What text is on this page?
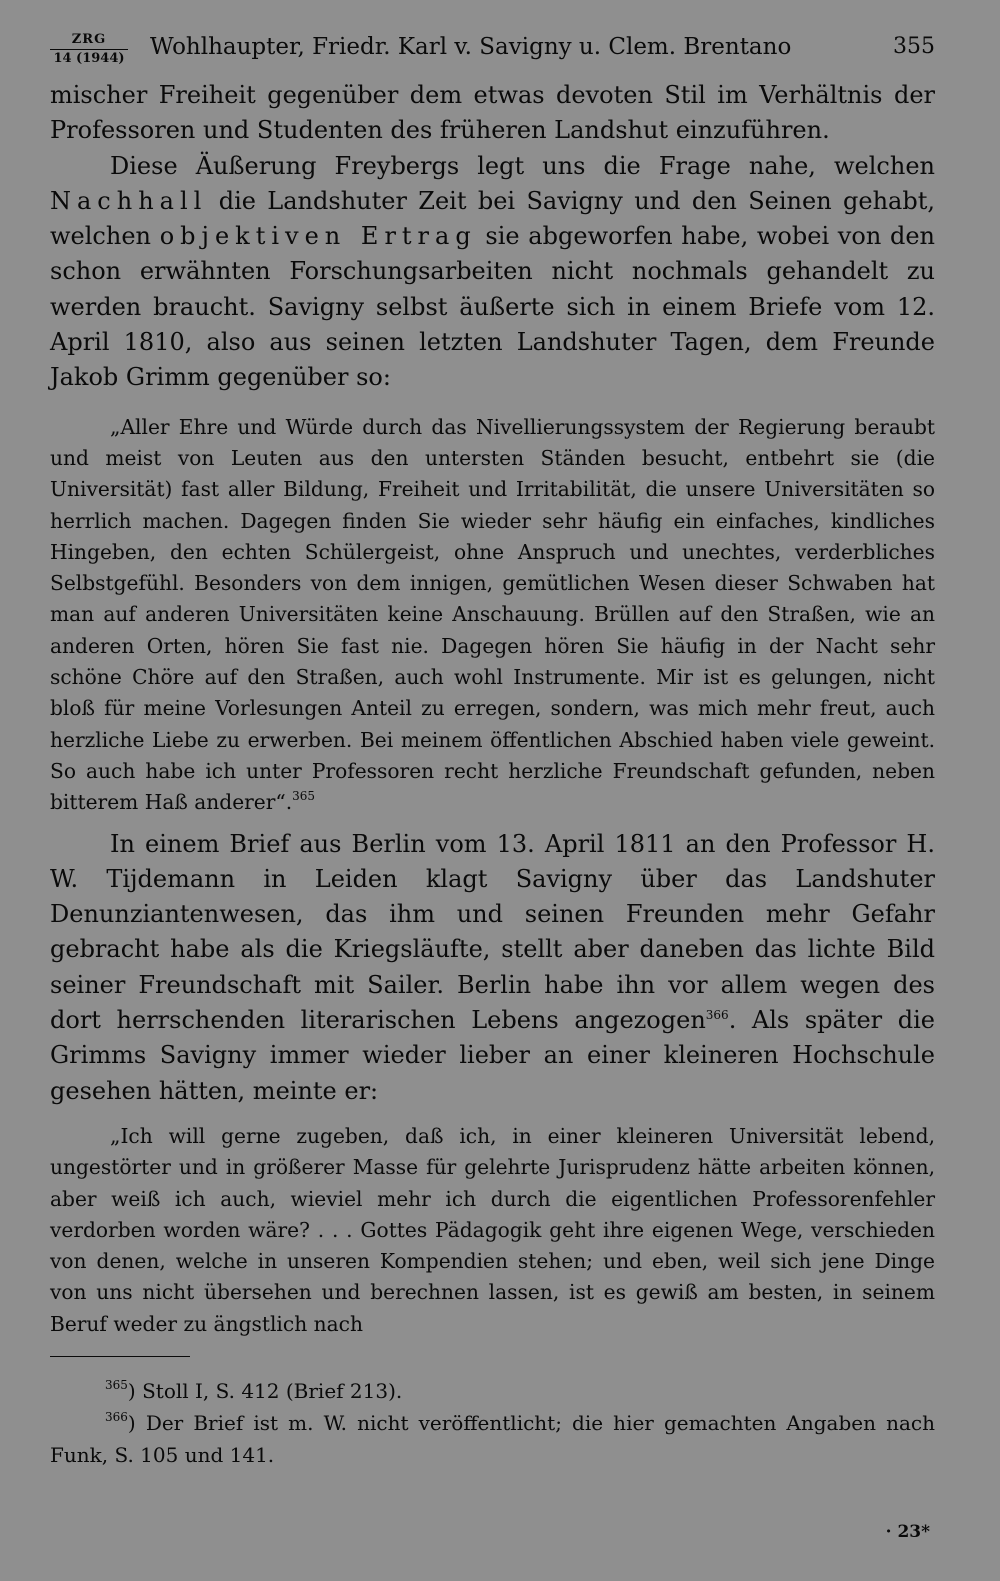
ZRG
14 (1944)	Wohlhaupter, Friedr. Karl v. Savigny u. Clem. Brentano	355

mischer Freiheit gegenüber dem etwas devoten Stil im Verhältnis der Professoren und Studenten des früheren Landshut einzuführen.

Diese Äußerung Freybergs legt uns die Frage nahe, welchen Nachhall die Landshuter Zeit bei Savigny und den Seinen gehabt, welchen objektiven Ertrag sie abgeworfen habe, wobei von den schon erwähnten Forschungsarbeiten nicht nochmals gehandelt zu werden braucht. Savigny selbst äußerte sich in einem Briefe vom 12. April 1810, also aus seinen letzten Landshuter Tagen, dem Freunde Jakob Grimm gegenüber so:

„Aller Ehre und Würde durch das Nivellierungssystem der Regierung beraubt und meist von Leuten aus den untersten Ständen besucht, entbehrt sie (die Universität) fast aller Bildung, Freiheit und Irritabilität, die unsere Universitäten so herrlich machen. Dagegen finden Sie wieder sehr häufig ein einfaches, kindliches Hingeben, den echten Schülergeist, ohne Anspruch und unechtes, verderbliches Selbstgefühl. Besonders von dem innigen, gemütlichen Wesen dieser Schwaben hat man auf anderen Universitäten keine Anschauung. Brüllen auf den Straßen, wie an anderen Orten, hören Sie fast nie. Dagegen hören Sie häufig in der Nacht sehr schöne Chöre auf den Straßen, auch wohl Instrumente. Mir ist es gelungen, nicht bloß für meine Vorlesungen Anteil zu erregen, sondern, was mich mehr freut, auch herzliche Liebe zu erwerben. Bei meinem öffentlichen Abschied haben viele geweint. So auch habe ich unter Professoren recht herzliche Freundschaft gefunden, neben bitterem Haß anderer“.$^{365}$

In einem Brief aus Berlin vom 13. April 1811 an den Professor H. W. Tijdemann in Leiden klagt Savigny über das Landshuter Denunziantenwesen, das ihm und seinen Freunden mehr Gefahr gebracht habe als die Kriegsläufte, stellt aber daneben das lichte Bild seiner Freundschaft mit Sailer. Berlin habe ihn vor allem wegen des dort herrschenden literarischen Lebens angezogen$^{366}$. Als später die Grimms Savigny immer wieder lieber an einer kleineren Hochschule gesehen hätten, meinte er:

„Ich will gerne zugeben, daß ich, in einer kleineren Universität lebend, ungestörter und in größerer Masse für gelehrte Jurisprudenz hätte arbeiten können, aber weiß ich auch, wieviel mehr ich durch die eigentlichen Professorenfehler verdorben worden wäre? . . . Gottes Pädagogik geht ihre eigenen Wege, verschieden von denen, welche in unseren Kompendien stehen; und eben, weil sich jene Dinge von uns nicht übersehen und berechnen lassen, ist es gewiß am besten, in seinem Beruf weder zu ängstlich nach

$^{365}$) Stoll I, S. 412 (Brief 213).

$^{366}$) Der Brief ist m. W. nicht veröffentlicht; die hier gemachten Angaben nach Funk, S. 105 und 141.

· 23*
